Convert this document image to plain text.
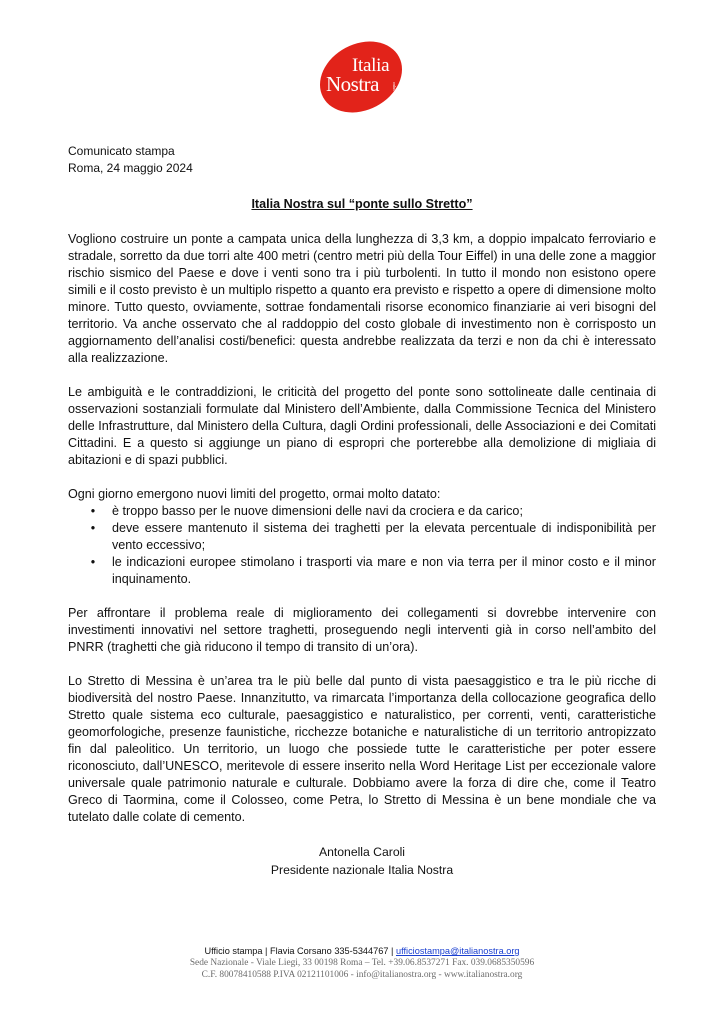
Italia
Nostra	onlus
Comunicato stampa
Roma, 24 maggio 2024
Italia Nostra sul “ponte sullo Stretto”

Vogliono costruire un ponte a campata unica della lunghezza di 3,3 km, a doppio impalcato ferroviario e stradale, sorretto da due torri alte 400 metri (centro metri più della Tour Eiffel) in una delle zone a maggior rischio sismico del Paese e dove i venti sono tra i più turbolenti. In tutto il mondo non esistono opere simili e il costo previsto è un multiplo rispetto a quanto era previsto e rispetto a opere di dimensione molto minore. Tutto questo, ovviamente, sottrae fondamentali risorse economico finanziarie ai veri bisogni del territorio. Va anche osservato che al raddoppio del costo globale di investimento non è corrisposto un aggiornamento dell’analisi costi/benefici: questa andrebbe realizzata da terzi e non da chi è interessato alla realizzazione.

Le ambiguità e le contraddizioni, le criticità del progetto del ponte sono sottolineate dalle centinaia di osservazioni sostanziali formulate dal Ministero dell’Ambiente, dalla Commissione Tecnica del Ministero delle Infrastrutture, dal Ministero della Cultura, dagli Ordini professionali, delle Associazioni e dei Comitati Cittadini. E a questo si aggiunge un piano di espropri che porterebbe alla demolizione di migliaia di abitazioni e di spazi pubblici.

Ogni giorno emergono nuovi limiti del progetto, ormai molto datato:

• è troppo basso per le nuove dimensioni delle navi da crociera e da carico;
• deve essere mantenuto il sistema dei traghetti per la elevata percentuale di indisponibilità per vento eccessivo;
• le indicazioni europee stimolano i trasporti via mare e non via terra per il minor costo e il minor inquinamento.

Per affrontare il problema reale di miglioramento dei collegamenti si dovrebbe intervenire con investimenti innovativi nel settore traghetti, proseguendo negli interventi già in corso nell’ambito del PNRR (traghetti che già riducono il tempo di transito di un’ora).

Lo Stretto di Messina è un’area tra le più belle dal punto di vista paesaggistico e tra le più ricche di biodiversità del nostro Paese. Innanzitutto, va rimarcata l’importanza della collocazione geografica dello Stretto quale sistema eco culturale, paesaggistico e naturalistico, per correnti, venti, caratteristiche geomorfologiche, presenze faunistiche, ricchezze botaniche e naturalistiche di un territorio antropizzato fin dal paleolitico. Un territorio, un luogo che possiede tutte le caratteristiche per poter essere riconosciuto, dall’UNESCO, meritevole di essere inserito nella Word Heritage List per eccezionale valore universale quale patrimonio naturale e culturale. Dobbiamo avere la forza di dire che, come il Teatro Greco di Taormina, come il Colosseo, come Petra, lo Stretto di Messina è un bene mondiale che va tutelato dalle colate di cemento.

Antonella Caroli
Presidente nazionale Italia Nostra
Ufficio stampa | Flavia Corsano 335-5344767 | ufficiostampa@italianostra.org
Sede Nazionale - Viale Liegi, 33 00198 Roma – Tel. +39.06.8537271 Fax. 039.0685350596
C.F. 80078410588 P.IVA 02121101006 - info@italianostra.org - www.italianostra.org
